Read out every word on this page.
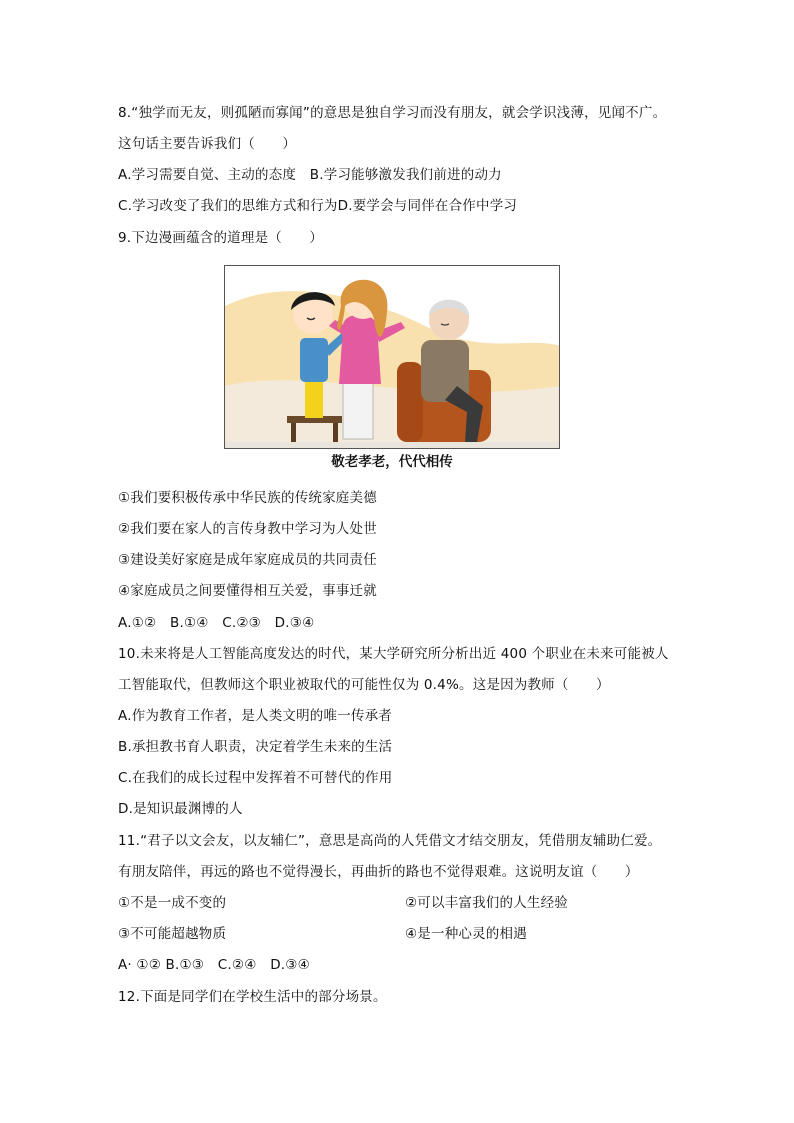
8.“独学而无友，则孤陋而寡闻”的意思是独自学习而没有朋友，就会学识浅薄，见闻不广。
这句话主要告诉我们（　　）
A.学习需要自觉、主动的态度　B.学习能够激发我们前进的动力
C.学习改变了我们的思维方式和行为D.要学会与同伴在合作中学习
9.下边漫画蕴含的道理是（　　）
敬老孝老，代代相传
①我们要积极传承中华民族的传统家庭美德
②我们要在家人的言传身教中学习为人处世
③建设美好家庭是成年家庭成员的共同责任
④家庭成员之间要懂得相互关爱，事事迁就
A.①②　B.①④　C.②③　D.③④
10.未来将是人工智能高度发达的时代，某大学研究所分析出近 400 个职业在未来可能被人
工智能取代，但教师这个职业被取代的可能性仅为 0.4%。这是因为教师（　　）
A.作为教育工作者，是人类文明的唯一传承者
B.承担教书育人职责，决定着学生未来的生活
C.在我们的成长过程中发挥着不可替代的作用
D.是知识最渊博的人
11.“君子以文会友，以友辅仁”，意思是高尚的人凭借文才结交朋友，凭借朋友辅助仁爱。
有朋友陪伴，再远的路也不觉得漫长，再曲折的路也不觉得艰难。这说明友谊（　　）
①不是一成不变的	②可以丰富我们的人生经验
③不可能超越物质	④是一种心灵的相遇
A· ①② B.①③　C.②④　D.③④
12.下面是同学们在学校生活中的部分场景。
